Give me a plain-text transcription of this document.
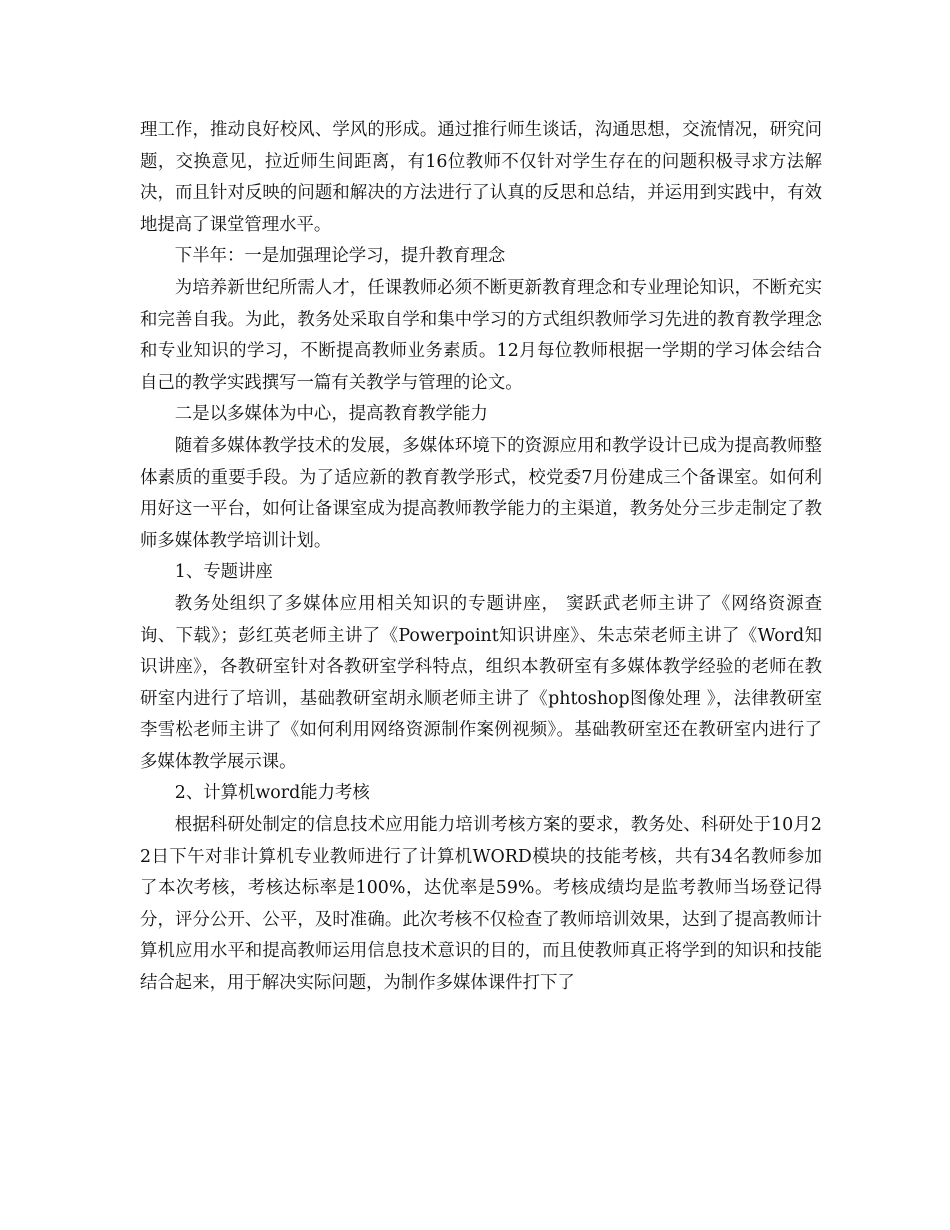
理工作，推动良好校风、学风的形成。通过推行师生谈话，沟通思想，交流情况，研究问题，交换意见，拉近师生间距离，有16位教师不仅针对学生存在的问题积极寻求方法解决，而且针对反映的问题和解决的方法进行了认真的反思和总结，并运用到实践中，有效地提高了课堂管理水平。

下半年：一是加强理论学习，提升教育理念

为培养新世纪所需人才，任课教师必须不断更新教育理念和专业理论知识，不断充实和完善自我。为此，教务处采取自学和集中学习的方式组织教师学习先进的教育教学理念和专业知识的学习，不断提高教师业务素质。12月每位教师根据一学期的学习体会结合自己的教学实践撰写一篇有关教学与管理的论文。

二是以多媒体为中心，提高教育教学能力

随着多媒体教学技术的发展，多媒体环境下的资源应用和教学设计已成为提高教师整体素质的重要手段。为了适应新的教育教学形式，校党委7月份建成三个备课室。如何利用好这一平台，如何让备课室成为提高教师教学能力的主渠道，教务处分三步走制定了教师多媒体教学培训计划。

1、专题讲座

教务处组织了多媒体应用相关知识的专题讲座， 窦跃武老师主讲了《网络资源查询、下载》；彭红英老师主讲了《Powerpoint知识讲座》、朱志荣老师主讲了《Word知识讲座》，各教研室针对各教研室学科特点，组织本教研室有多媒体教学经验的老师在教研室内进行了培训，基础教研室胡永顺老师主讲了《phtoshop图像处理 》，法律教研室李雪松老师主讲了《如何利用网络资源制作案例视频》。基础教研室还在教研室内进行了多媒体教学展示课。

2、计算机word能力考核

根据科研处制定的信息技术应用能力培训考核方案的要求，教务处、科研处于10月22日下午对非计算机专业教师进行了计算机WORD模块的技能考核，共有34名教师参加了本次考核，考核达标率是100%，达优率是59%。考核成绩均是监考教师当场登记得分，评分公开、公平，及时准确。此次考核不仅检查了教师培训效果，达到了提高教师计算机应用水平和提高教师运用信息技术意识的目的，而且使教师真正将学到的知识和技能结合起来，用于解决实际问题，为制作多媒体课件打下了
